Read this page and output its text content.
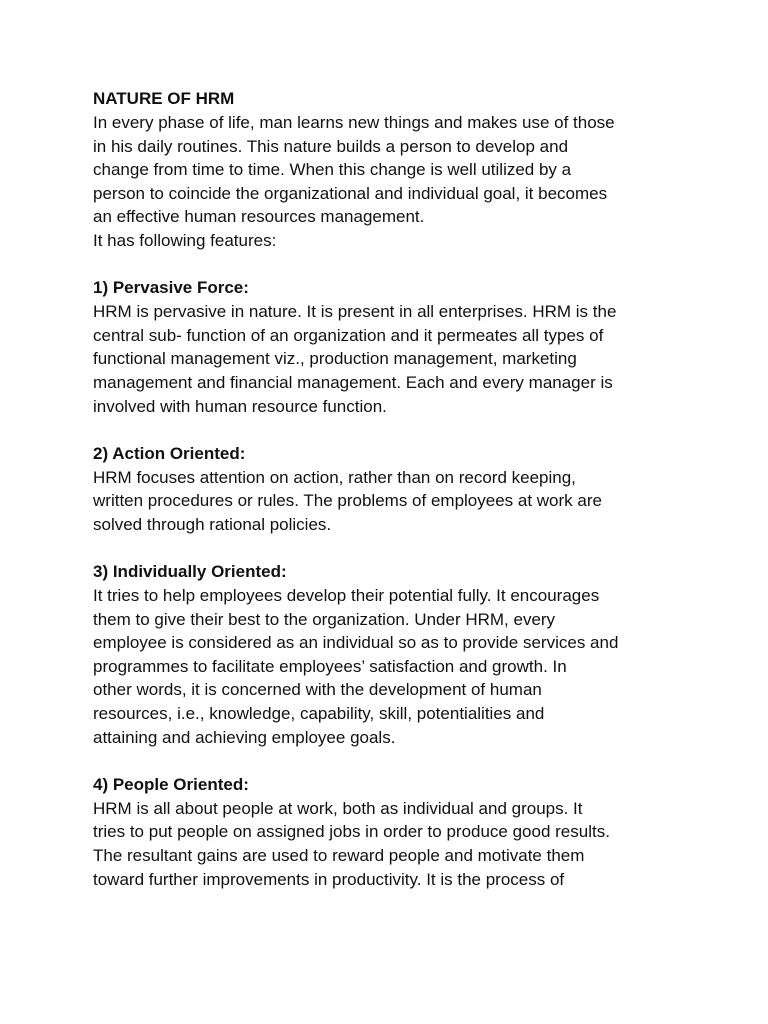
NATURE OF HRM

In every phase of life, man learns new things and makes use of those
in his daily routines. This nature builds a person to develop and
change from time to time. When this change is well utilized by a
person to coincide the organizational and individual goal, it becomes
an effective human resources management.

It has following features:

1) Pervasive Force:

HRM is pervasive in nature. It is present in all enterprises. HRM is the
central sub- function of an organization and it permeates all types of
functional management viz., production management, marketing
management and financial management. Each and every manager is
involved with human resource function.

2) Action Oriented:

HRM focuses attention on action, rather than on record keeping,
written procedures or rules. The problems of employees at work are
solved through rational policies.

3) Individually Oriented:

It tries to help employees develop their potential fully. It encourages
them to give their best to the organization. Under HRM, every
employee is considered as an individual so as to provide services and
programmes to facilitate employees’ satisfaction and growth. In
other words, it is concerned with the development of human
resources, i.e., knowledge, capability, skill, potentialities and
attaining and achieving employee goals.

4) People Oriented:

HRM is all about people at work, both as individual and groups. It
tries to put people on assigned jobs in order to produce good results.
The resultant gains are used to reward people and motivate them
toward further improvements in productivity. It is the process of
